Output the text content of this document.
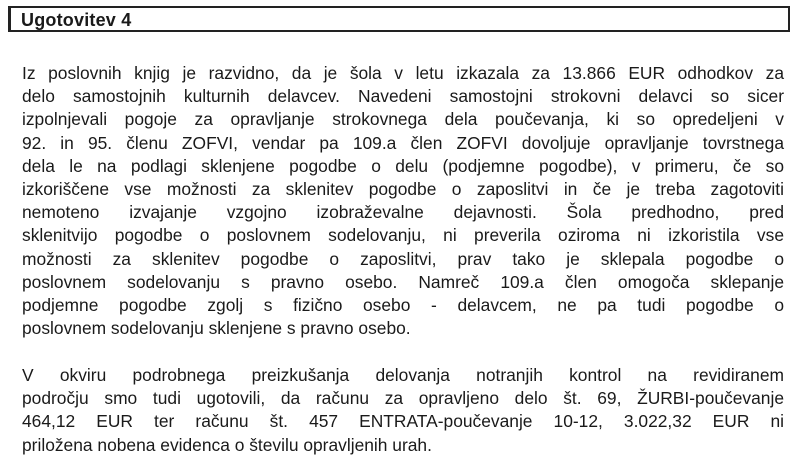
Ugotovitev 4

Iz poslovnih knjig je razvidno, da je šola v letu izkazala za 13.866 EUR odhodkov za
delo samostojnih kulturnih delavcev. Navedeni samostojni strokovni delavci so sicer
izpolnjevali pogoje za opravljanje strokovnega dela poučevanja, ki so opredeljeni v
92. in 95. členu ZOFVI, vendar pa 109.a člen ZOFVI dovoljuje opravljanje tovrstnega
dela le na podlagi sklenjene pogodbe o delu (podjemne pogodbe), v primeru, če so
izkoriščene vse možnosti za sklenitev pogodbe o zaposlitvi in če je treba zagotoviti
nemoteno izvajanje vzgojno izobraževalne dejavnosti. Šola predhodno, pred
sklenitvijo pogodbe o poslovnem sodelovanju, ni preverila oziroma ni izkoristila vse
možnosti za sklenitev pogodbe o zaposlitvi, prav tako je sklepala pogodbe o
poslovnem sodelovanju s pravno osebo. Namreč 109.a člen omogoča sklepanje
podjemne pogodbe zgolj s fizično osebo - delavcem, ne pa tudi pogodbe o
poslovnem sodelovanju sklenjene s pravno osebo.

V okviru podrobnega preizkušanja delovanja notranjih kontrol na revidiranem
področju smo tudi ugotovili, da računu za opravljeno delo št. 69, ŽURBI-poučevanje
464,12 EUR ter računu št. 457 ENTRATA-poučevanje 10-12, 3.022,32 EUR ni
priložena nobena evidenca o številu opravljenih urah.
